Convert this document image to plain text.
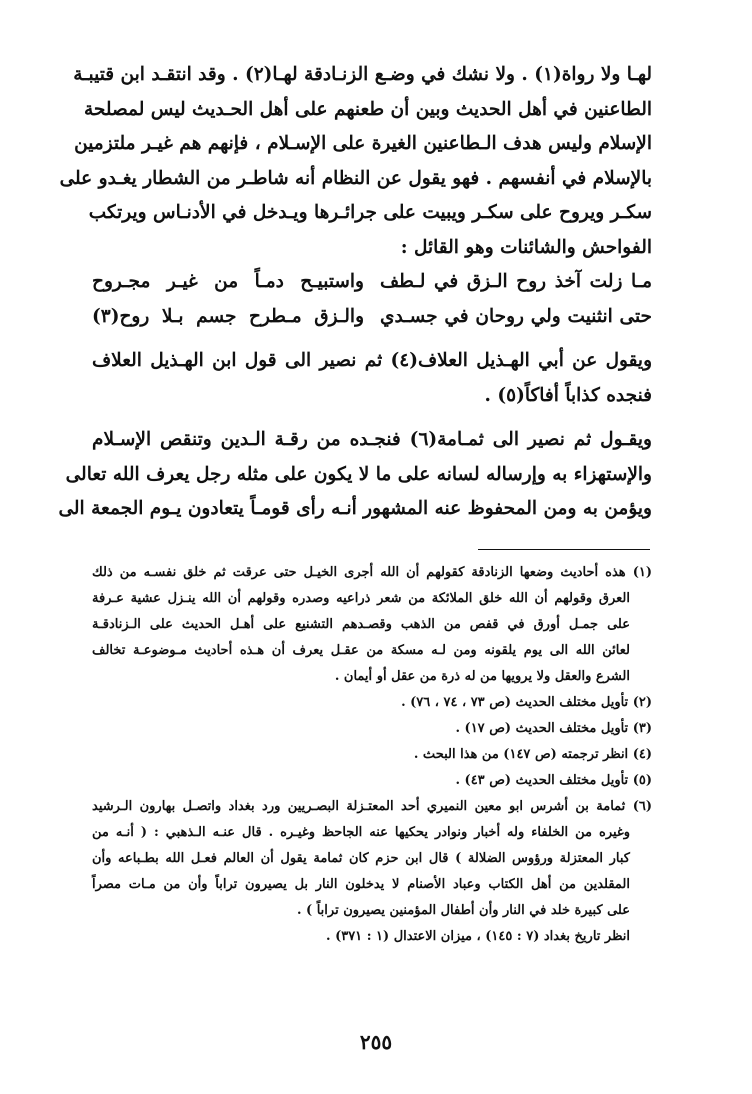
لهـا ولا رواة(١) . ولا نشك في وضـع الزنـادقة لهـا(٢) . وقد انتقـد ابن قتيبـة
الطاعنين في أهل الحديث وبين أن طعنهم على أهل الحـديث ليس لمصلحة
الإسلام وليس هدف الـطاعنين الغيرة على الإسـلام ، فإنهم هم غيـر ملتزمين
بالإسلام في أنفسهم . فهو يقول عن النظام أنه شاطـر من الشطار يغـدو على
سكـر ويروح على سكـر ويبيت على جرائـرها ويـدخل في الأدنـاس ويرتكب
الفواحش والشائنات وهو القائل :
مـا زلت آخذ روح الـزق في لـطف
واستبيـح دمـاً من غيـر مجـروح
حتى انثنيت ولي روحان في جسـدي
والـزق مـطرح جسم بـلا روح(٣)
ويقول عن أبي الهـذيل العلاف(٤) ثم نصير الى قول ابن الهـذيل العلاف
فنجده كذاباً أفاكاً(٥) .
ويقـول ثم نصير الى ثمـامة(٦) فنجـده من رقـة الـدين وتنقص الإسـلام
والإستهزاء به وإرساله لسانه على ما لا يكون على مثله رجل يعرف الله تعالى
ويؤمن به ومن المحفوظ عنه المشهور أنـه رأى قومـاً يتعادون يـوم الجمعة الى
(١) هذه أحاديث وضعها الزنادقة كقولهم أن الله أجرى الخيـل حتى عرقت ثم خلق نفسـه من ذلك
العرق وقولهم أن الله خلق الملائكة من شعر ذراعيه وصدره وقولهم أن الله ينـزل عشية عـرفة
على جمـل أورق في قفص من الذهب وقصـدهم التشنيع على أهـل الحديث على الـزنادقـة
لعائن الله الى يوم يلقونه ومن لـه مسكة من عقـل يعرف أن هـذه أحاديث مـوضوعـة تخالف
الشرع والعقل ولا يرويها من له ذرة من عقل أو أيمان .
(٢) تأويل مختلف الحديث (ص ٧٣ ، ٧٤ ، ٧٦) .
(٣) تأويل مختلف الحديث (ص ١٧) .
(٤) انظر ترجمته (ص ١٤٧) من هذا البحث .
(٥) تأويل مختلف الحديث (ص ٤٣) .
(٦) ثمامة بن أشرس ابو معين النميري أحد المعتـزلة البصـريين ورد بغداد واتصـل بهارون الـرشيد
وغيره من الخلفاء وله أخبار ونوادر يحكيها عنه الجاحظ وغيـره . قال عنـه الـذهبي : ( أنـه من
كبار المعتزلة ورؤوس الضلالة ) قال ابن حزم كان ثمامة يقول أن العالم فعـل الله بطـباعه وأن
المقلدين من أهل الكتاب وعباد الأصنام لا يدخلون النار بل يصيرون تراباً وأن من مـات مصراً
على كبيرة خلد في النار وأن أطفال المؤمنين يصيرون تراباً ) .
انظر تاريخ بغداد (٧ : ١٤٥) ، ميزان الاعتدال (١ : ٣٧١) .
٢٥٥
